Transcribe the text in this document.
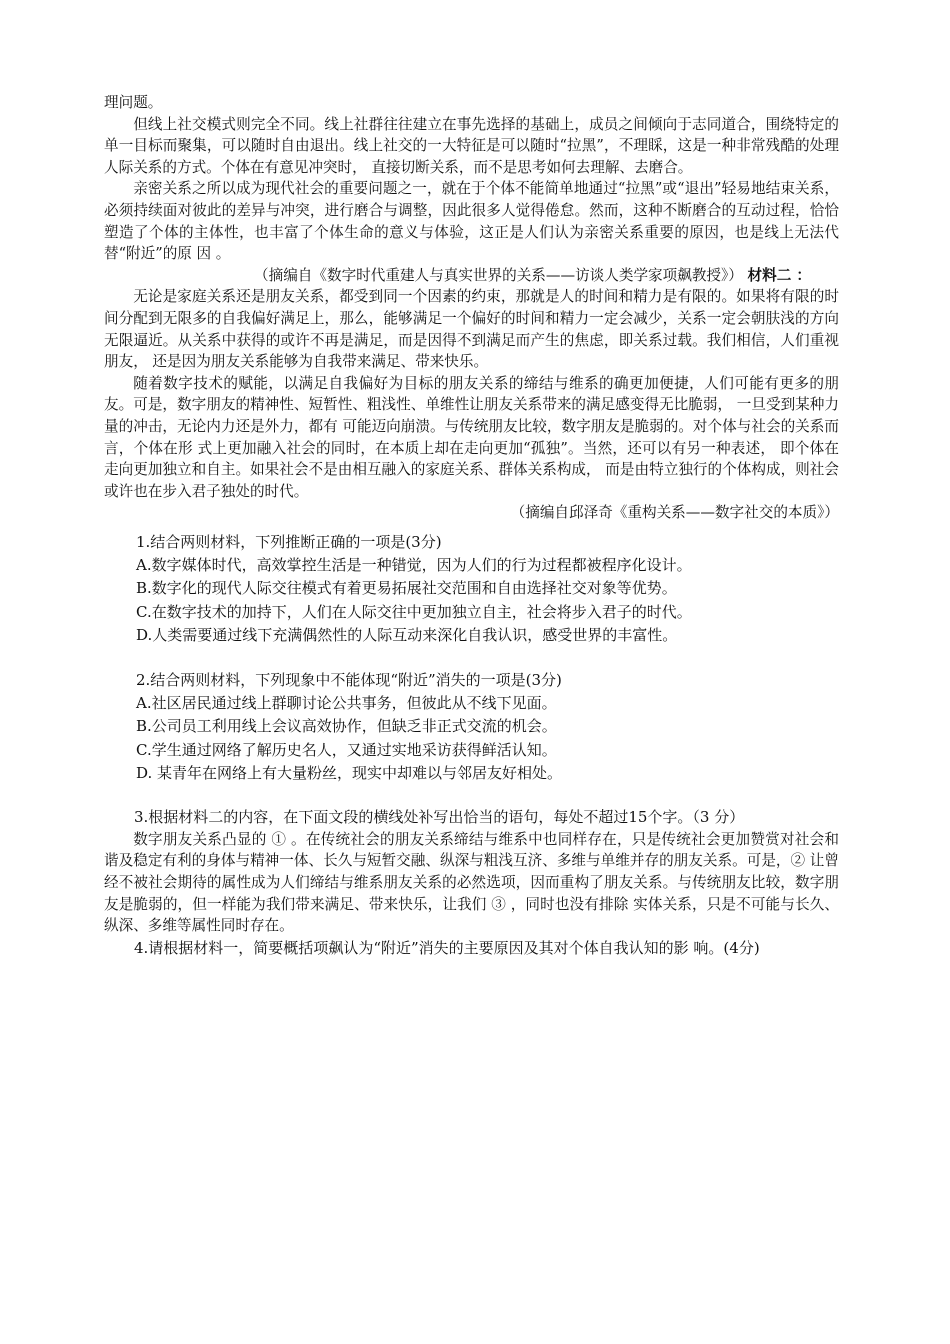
理问题。

但线上社交模式则完全不同。线上社群往往建立在事先选择的基础上，成员之间倾向于志同道合，围绕特定的单一目标而聚集，可以随时自由退出。线上社交的一大特征是可以随时“拉黑”，不理睬，这是一种非常残酷的处理人际关系的方式。个体在有意见冲突时， 直接切断关系，而不是思考如何去理解、去磨合。

亲密关系之所以成为现代社会的重要问题之一，就在于个体不能简单地通过“拉黑”或“退出”轻易地结束关系，必须持续面对彼此的差异与冲突，进行磨合与调整，因此很多人觉得倦怠。然而，这种不断磨合的互动过程，恰恰塑造了个体的主体性，也丰富了个体生命的意义与体验，这正是人们认为亲密关系重要的原因，也是线上无法代替“附近”的原 因 。

（摘编自《数字时代重建人与真实世界的关系——访谈人类学家项飙教授》） 材料二 ：

无论是家庭关系还是朋友关系，都受到同一个因素的约束，那就是人的时间和精力是有限的。如果将有限的时间分配到无限多的自我偏好满足上，那么，能够满足一个偏好的时间和精力一定会减少，关系一定会朝肤浅的方向无限逼近。从关系中获得的或许不再是满足，而是因得不到满足而产生的焦虑，即关系过载。我们相信，人们重视朋友， 还是因为朋友关系能够为自我带来满足、带来快乐。

随着数字技术的赋能，以满足自我偏好为目标的朋友关系的缔结与维系的确更加便捷，人们可能有更多的朋友。可是，数字朋友的精神性、短暂性、粗浅性、单维性让朋友关系带来的满足感变得无比脆弱， 一旦受到某种力量的冲击，无论内力还是外力，都有 可能迈向崩溃。与传统朋友比较，数字朋友是脆弱的。对个体与社会的关系而言，个体在形 式上更加融入社会的同时，在本质上却在走向更加“孤独”。当然，还可以有另一种表述， 即个体在走向更加独立和自主。如果社会不是由相互融入的家庭关系、群体关系构成， 而是由特立独行的个体构成，则社会或许也在步入君子独处的时代。

（摘编自邱泽奇《重构关系——数字社交的本质》）

1.结合两则材料，下列推断正确的一项是(3分)

A.数字媒体时代，高效掌控生活是一种错觉，因为人们的行为过程都被程序化设计。

B.数字化的现代人际交往模式有着更易拓展社交范围和自由选择社交对象等优势。

C.在数字技术的加持下，人们在人际交往中更加独立自主，社会将步入君子的时代。

D.人类需要通过线下充满偶然性的人际互动来深化自我认识，感受世界的丰富性。

2.结合两则材料，下列现象中不能体现“附近”消失的一项是(3分)

A.社区居民通过线上群聊讨论公共事务，但彼此从不线下见面。

B.公司员工利用线上会议高效协作，但缺乏非正式交流的机会。

C.学生通过网络了解历史名人，又通过实地采访获得鲜活认知。

D. 某青年在网络上有大量粉丝，现实中却难以与邻居友好相处。

3.根据材料二的内容，在下面文段的横线处补写出恰当的语句，每处不超过15个字。（3 分）

数字朋友关系凸显的 ① 。在传统社会的朋友关系缔结与维系中也同样存在，只是传统社会更加赞赏对社会和谐及稳定有利的身体与精神一体、长久与短暂交融、纵深与粗浅互济、多维与单维并存的朋友关系。可是，② 让曾经不被社会期待的属性成为人们缔结与维系朋友关系的必然选项，因而重构了朋友关系。与传统朋友比较，数字朋友是脆弱的，但一样能为我们带来满足、带来快乐，让我们 ③ ，同时也没有排除 实体关系，只是不可能与长久、纵深、多维等属性同时存在。

4.请根据材料一，简要概括项飙认为“附近”消失的主要原因及其对个体自我认知的影 响。(4分)
